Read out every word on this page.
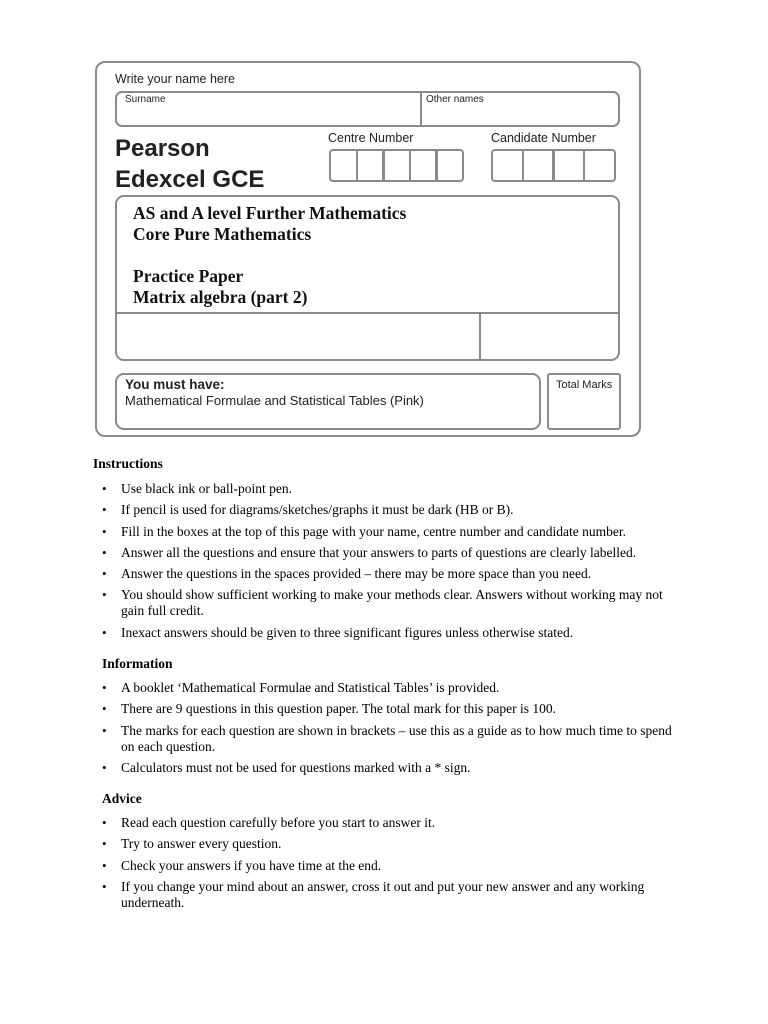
Write your name here
Surname	Other names
Pearson
Edexcel GCE
Centre Number	Candidate Number
AS and A level Further Mathematics
Core Pure Mathematics
Practice Paper
Matrix algebra (part 2)
You must have:
Mathematical Formulae and Statistical Tables (Pink)
Total Marks
Instructions
• Use black ink or ball-point pen.
• If pencil is used for diagrams/sketches/graphs it must be dark (HB or B).
• Fill in the boxes at the top of this page with your name, centre number and candidate number.
• Answer all the questions and ensure that your answers to parts of questions are clearly labelled.
• Answer the questions in the spaces provided – there may be more space than you need.
• You should show sufficient working to make your methods clear. Answers without working may not gain full credit.
• Inexact answers should be given to three significant figures unless otherwise stated.
Information
• A booklet ‘Mathematical Formulae and Statistical Tables’ is provided.
• There are 9 questions in this question paper. The total mark for this paper is 100.
• The marks for each question are shown in brackets – use this as a guide as to how much time to spend on each question.
• Calculators must not be used for questions marked with a * sign.
Advice
• Read each question carefully before you start to answer it.
• Try to answer every question.
• Check your answers if you have time at the end.
• If you change your mind about an answer, cross it out and put your new answer and any working underneath.
